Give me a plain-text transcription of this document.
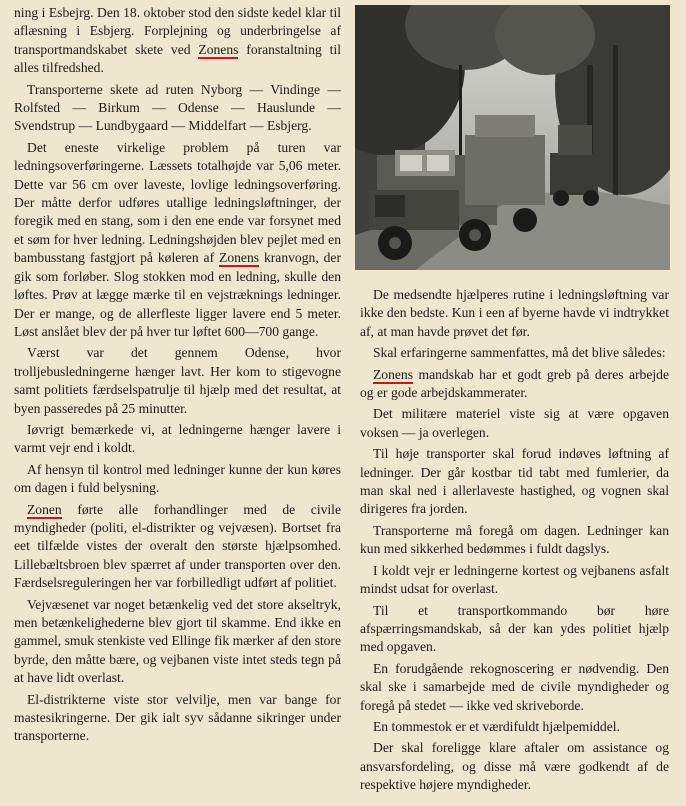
ning i Esbejrg. Den 18. oktober stod den sidste kedel klar til aflæsning i Esbjerg. Forplejning og underbringelse af transportmandskabet skete ved Zonens foranstaltning til alles tilfredshed.

Transporterne skete ad ruten Nyborg — Vindinge — Rolfsted — Birkum — Odense — Hauslunde — Svendstrup — Lundbygaard — Middelfart — Esbjerg.

Det eneste virkelige problem på turen var ledningsoverføringerne. Læssets totalhøjde var 5,06 meter. Dette var 56 cm over laveste, lovlige ledningsoverføring. Der måtte derfor udføres utallige ledningsløftninger, der foregik med en stang, som i den ene ende var forsynet med et søm for hver ledning. Ledningshøjden blev pejlet med en bambusstang fastgjort på køleren af Zonens kranvogn, der gik som forløber. Slog stokken mod en ledning, skulle den løftes. Prøv at lægge mærke til en vejstræknings ledninger. Der er mange, og de allerfleste ligger lavere end 5 meter. Løst anslået blev der på hver tur løftet 600—700 gange.

Værst var det gennem Odense, hvor trolljebusledningerne hænger lavt. Her kom to stigevogne samt politiets færdselspatrulje til hjælp med det resultat, at byen passeredes på 25 minutter.

Iøvrigt bemærkede vi, at ledningerne hænger lavere i varmt vejr end i koldt.

Af hensyn til kontrol med ledninger kunne der kun køres om dagen i fuld belysning.

Zonen førte alle forhandlinger med de civile myndigheder (politi, el-distrikter og vejvæsen). Bortset fra eet tilfælde vistes der overalt den største hjælpsomhed. Lillebæltsbroen blev spærret af under transporten over den. Færdselsreguleringen her var forbilledligt udført af politiet.

Vejvæsenet var noget betænkelig ved det store akseltryk, men betænkelighederne blev gjort til skamme. End ikke en gammel, smuk stenkiste ved Ellinge fik mærker af den store byrde, den måtte bære, og vejbanen viste intet steds tegn på at have lidt overlast.

El-distrikterne viste stor velvilje, men var bange for mastesikringerne. Der gik ialt syv sådanne sikringer under transporterne.

De medsendte hjælperes rutine i ledningsløftning var ikke den bedste. Kun i een af byerne havde vi indtrykket af, at man havde prøvet det før.

Skal erfaringerne sammenfattes, må det blive således:

Zonens mandskab har et godt greb på deres arbejde og er gode arbejdskammerater.

Det militære materiel viste sig at være opgaven voksen — ja overlegen.

Til høje transporter skal forud indøves løftning af ledninger. Der går kostbar tid tabt med fumlerier, da man skal ned i allerlaveste hastighed, og vognen skal dirigeres fra jorden.

Transporterne må foregå om dagen. Ledninger kan kun med sikkerhed bedømmes i fuldt dagslys.

I koldt vejr er ledningerne kortest og vejbanens asfalt mindst udsat for overlast.

Til et transportkommando bør høre afspærringsmandskab, så der kan ydes politiet hjælp med opgaven.

En forudgående rekognoscering er nødvendig. Den skal ske i samarbejde med de civile myndigheder og foregå på stedet — ikke ved skriveborde.

En tommestok er et værdifuldt hjælpemiddel.

Der skal foreligge klare aftaler om assistance og ansvarsfordeling, og disse må være godkendt af de respektive højere myndigheder.
